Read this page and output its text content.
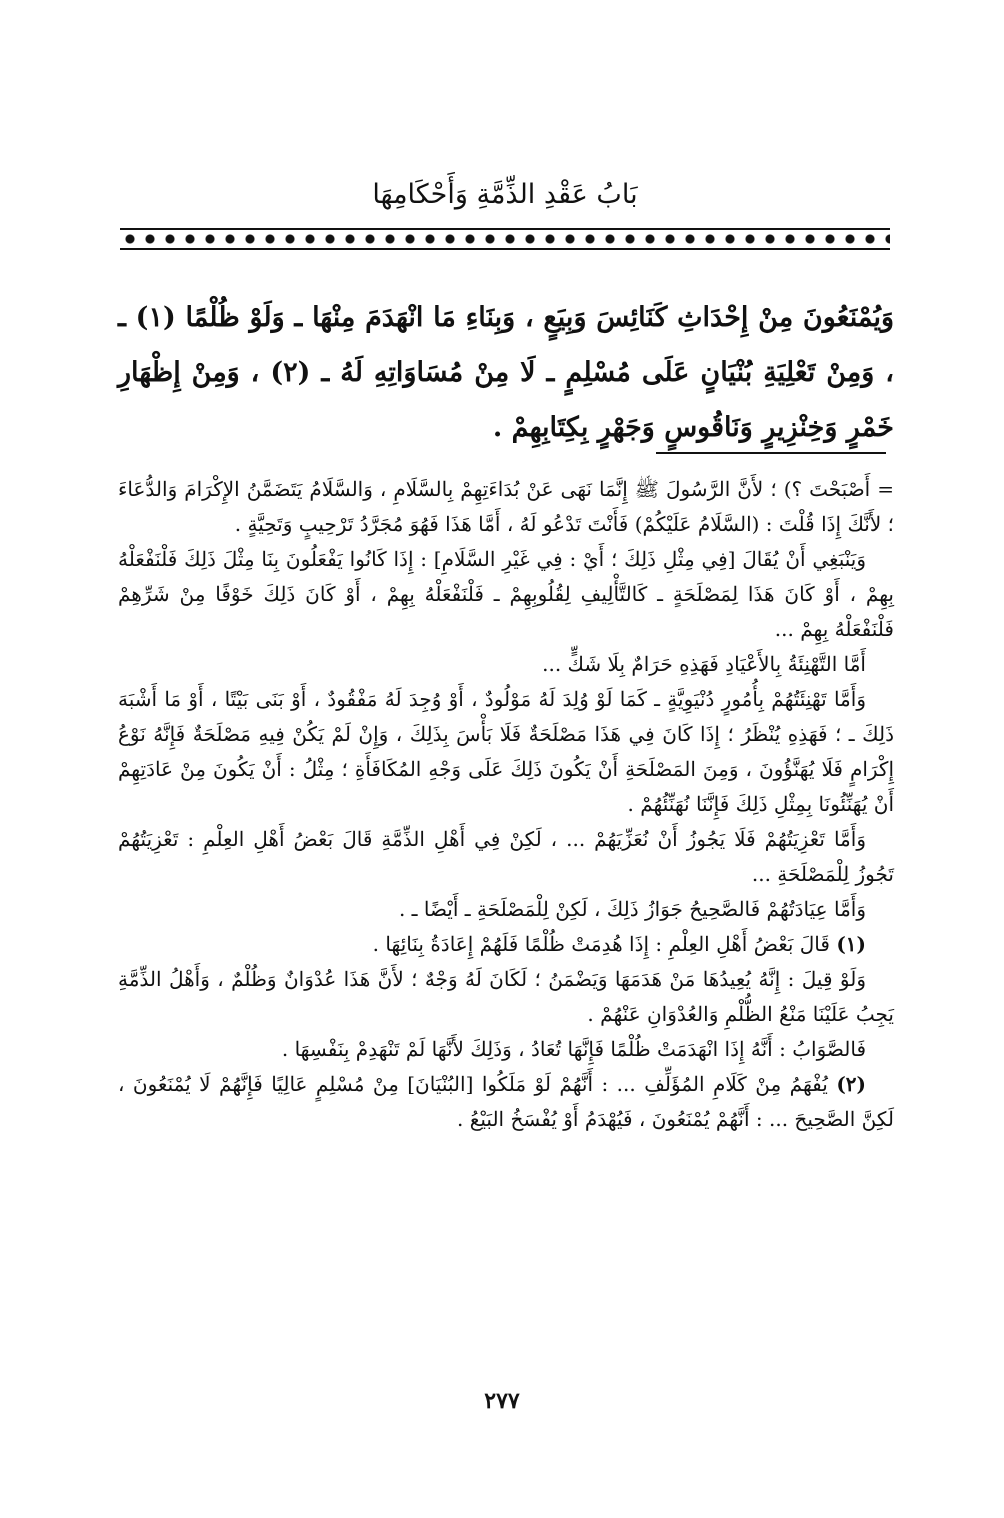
بَابُ عَقْدِ الذِّمَّةِ وَأَحْكَامِهَا

وَيُمْنَعُونَ مِنْ إِحْدَاثِ كَنَائِسَ وَبِيَعٍ ، وَبِنَاءِ مَا انْهَدَمَ مِنْهَا ـ وَلَوْ ظُلْمًا (١) ـ ، وَمِنْ تَعْلِيَةِ بُنْيَانٍ عَلَى مُسْلِمٍ ـ لَا مِنْ مُسَاوَاتِهِ لَهُ ـ (٢) ، وَمِنْ إِظْهَارِ خَمْرٍ وَخِنْزِيرٍ وَنَاقُوسٍ وَجَهْرٍ بِكِتَابِهِمْ .

= أَصْبَحْتَ ؟) ؛ لأَنَّ الرَّسُولَ ﷺ إِنَّمَا نَهَى عَنْ بُدَاءَتِهِمْ بِالسَّلَامِ ، وَالسَّلَامُ يَتَضَمَّنُ الإِكْرَامَ وَالدُّعَاءَ ؛ لأَنَّكَ إِذَا قُلْتَ : (السَّلَامُ عَلَيْكُمْ) فَأَنْتَ تَدْعُو لَهُ ، أَمَّا هَذَا فَهُوَ مُجَرَّدُ تَرْحِيبٍ وَتَحِيَّةٍ .

وَيَنْبَغِي أَنْ يُقَالَ [فِي مِثْلِ ذَلِكَ ؛ أَيْ : فِي غَيْرِ السَّلَامِ] : إِذَا كَانُوا يَفْعَلُونَ بِنَا مِثْلَ ذَلِكَ فَلْنَفْعَلْهُ بِهِمْ ، أَوْ كَانَ هَذَا لِمَصْلَحَةٍ ـ كَالتَّأْلِيفِ لِقُلُوبِهِمْ ـ فَلْنَفْعَلْهُ بِهِمْ ، أَوْ كَانَ ذَلِكَ خَوْفًا مِنْ شَرِّهِمْ فَلْنَفْعَلْهُ بِهِمْ ...

أَمَّا التَّهْنِئَةُ بِالأَعْيَادِ فَهَذِهِ حَرَامٌ بِلَا شَكٍّ ...

وَأَمَّا تَهْنِئَتُهُمْ بِأُمُورٍ دُنْيَوِيَّةٍ ـ كَمَا لَوْ وُلِدَ لَهُ مَوْلُودٌ ، أَوْ وُجِدَ لَهُ مَفْقُودٌ ، أَوْ بَنَى بَيْتًا ، أَوْ مَا أَشْبَهَ ذَلِكَ ـ ؛ فَهَذِهِ يُنْظَرُ ؛ إِذَا كَانَ فِي هَذَا مَصْلَحَةٌ فَلَا بَأْسَ بِذَلِكَ ، وَإِنْ لَمْ يَكُنْ فِيهِ مَصْلَحَةٌ فَإِنَّهُ نَوْعُ إِكْرَامٍ فَلَا يُهَنَّؤُونَ ، وَمِنَ المَصْلَحَةِ أَنْ يَكُونَ ذَلِكَ عَلَى وَجْهِ المُكَافَأَةِ ؛ مِثْلُ : أَنْ يَكُونَ مِنْ عَادَتِهِمْ أَنْ يُهَنِّئُونَا بِمِثْلِ ذَلِكَ فَإِنَّنَا نُهَنِّئُهُمْ .

وَأَمَّا تَعْزِيَتُهُمْ فَلَا يَجُوزُ أَنْ نُعَزِّيَهُمْ ... ، لَكِنْ فِي أَهْلِ الذِّمَّةِ قَالَ بَعْضُ أَهْلِ العِلْمِ : تَعْزِيَتُهُمْ تَجُوزُ لِلْمَصْلَحَةِ ...

وَأَمَّا عِيَادَتُهُمْ فَالصَّحِيحُ جَوَازُ ذَلِكَ ، لَكِنْ لِلْمَصْلَحَةِ ـ أَيْضًا ـ .

(١) قَالَ بَعْضُ أَهْلِ العِلْمِ : إِذَا هُدِمَتْ ظُلْمًا فَلَهُمْ إِعَادَةُ بِنَائِهَا .

وَلَوْ قِيلَ : إِنَّهُ يُعِيدُهَا مَنْ هَدَمَهَا وَيَضْمَنُ ؛ لَكَانَ لَهُ وَجْهٌ ؛ لأَنَّ هَذَا عُدْوَانٌ وَظُلْمٌ ، وَأَهْلُ الذِّمَّةِ يَجِبُ عَلَيْنَا مَنْعُ الظُّلْمِ وَالعُدْوَانِ عَنْهُمْ .

فَالصَّوَابُ : أَنَّهُ إِذَا انْهَدَمَتْ ظُلْمًا فَإِنَّهَا تُعَادُ ، وَذَلِكَ لأَنَّهَا لَمْ تَنْهَدِمْ بِنَفْسِهَا .

(٢) يُفْهَمُ مِنْ كَلَامِ المُؤَلِّفِ ... : أَنَّهُمْ لَوْ مَلَكُوا [البُنْيَانَ] مِنْ مُسْلِمٍ عَالِيًا فَإِنَّهُمْ لَا يُمْنَعُونَ ، لَكِنَّ الصَّحِيحَ ... : أَنَّهُمْ يُمْنَعُونَ ، فَيُهْدَمُ أَوْ يُفْسَخُ البَيْعُ .

٢٧٧
